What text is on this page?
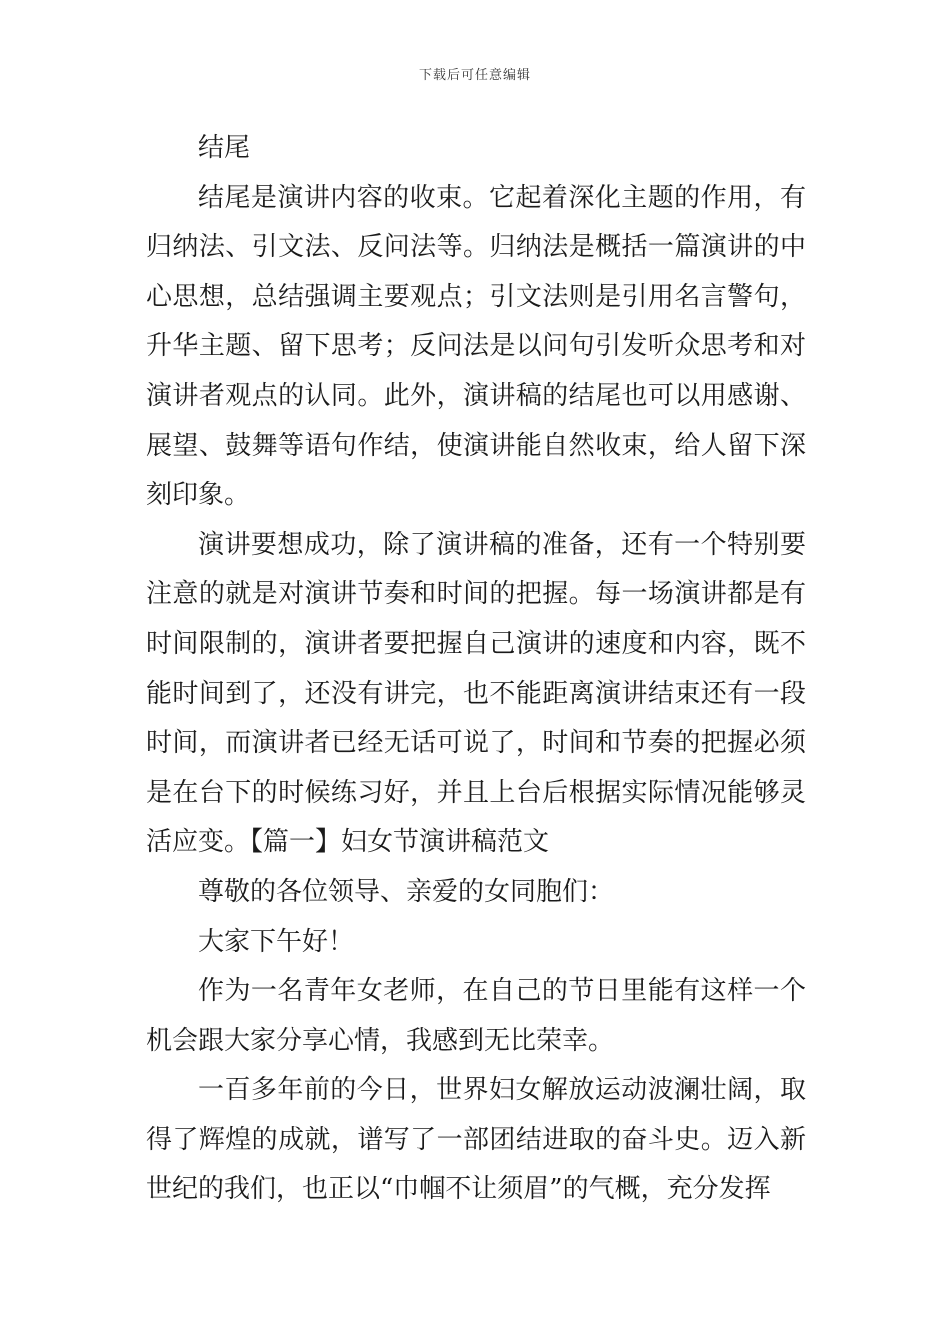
下载后可任意编辑

结尾

结尾是演讲内容的收束。它起着深化主题的作用，有归纳法、引文法、反问法等。归纳法是概括一篇演讲的中心思想，总结强调主要观点；引文法则是引用名言警句，升华主题、留下思考；反问法是以问句引发听众思考和对演讲者观点的认同。此外，演讲稿的结尾也可以用感谢、展望、鼓舞等语句作结，使演讲能自然收束，给人留下深刻印象。

演讲要想成功，除了演讲稿的准备，还有一个特别要注意的就是对演讲节奏和时间的把握。每一场演讲都是有时间限制的，演讲者要把握自己演讲的速度和内容，既不能时间到了，还没有讲完，也不能距离演讲结束还有一段时间，而演讲者已经无话可说了，时间和节奏的把握必须是在台下的时候练习好，并且上台后根据实际情况能够灵活应变。【篇一】妇女节演讲稿范文

尊敬的各位领导、亲爱的女同胞们：

大家下午好！

作为一名青年女老师，在自己的节日里能有这样一个机会跟大家分享心情，我感到无比荣幸。

一百多年前的今日，世界妇女解放运动波澜壮阔，取得了辉煌的成就，谱写了一部团结进取的奋斗史。迈入新世纪的我们，也正以“巾帼不让须眉”的气概，充分发挥
